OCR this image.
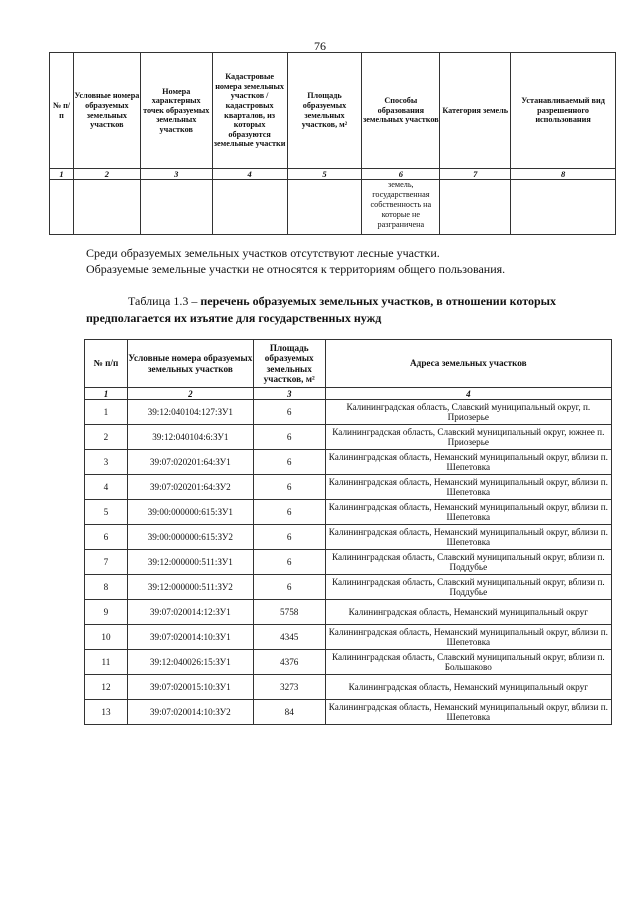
76
№ п/ п	Условные номера образуемых земельных участков	Номера характерных точек образуемых земельных участков	Кадастровые номера земельных участков / кадастровых кварталов, из которых образуются земельные участки	Площадь образуемых земельных участков, м²	Способы образования земельных участков	Категория земель	Устанавливаемый вид разрешенного использования
1	2	3	4	5	6	7	8
					земель, государственная собственность на которые не разграничена		
Среди образуемых земельных участков отсутствуют лесные участки.
Образуемые земельные участки не относятся к территориям общего пользования.
Таблица 1.3 – перечень образуемых земельных участков, в отношении которых предполагается их изъятие для государственных нужд
№ п/п	Условные номера образуемых земельных участков	Площадь образуемых земельных участков, м²	Адреса земельных участков
1	2	3	4
1	39:12:040104:127:ЗУ1	6	Калининградская область, Славский муниципальный округ, п. Приозерье
2	39:12:040104:6:ЗУ1	6	Калининградская область, Славский муниципальный округ, южнее п. Приозерье
3	39:07:020201:64:ЗУ1	6	Калининградская область, Неманский муниципальный округ, вблизи п. Шепетовка
4	39:07:020201:64:ЗУ2	6	Калининградская область, Неманский муниципальный округ, вблизи п. Шепетовка
5	39:00:000000:615:ЗУ1	6	Калининградская область, Неманский муниципальный округ, вблизи п. Шепетовка
6	39:00:000000:615:ЗУ2	6	Калининградская область, Неманский муниципальный округ, вблизи п. Шепетовка
7	39:12:000000:511:ЗУ1	6	Калининградская область, Славский муниципальный округ, вблизи п. Поддубье
8	39:12:000000:511:ЗУ2	6	Калининградская область, Славский муниципальный округ, вблизи п. Поддубье
9	39:07:020014:12:ЗУ1	5758	Калининградская область, Неманский муниципальный округ
10	39:07:020014:10:ЗУ1	4345	Калининградская область, Неманский муниципальный округ, вблизи п. Шепетовка
11	39:12:040026:15:ЗУ1	4376	Калининградская область, Славский муниципальный округ, вблизи п. Большаково
12	39:07:020015:10:ЗУ1	3273	Калининградская область, Неманский муниципальный округ
13	39:07:020014:10:ЗУ2	84	Калининградская область, Неманский муниципальный округ, вблизи п. Шепетовка
